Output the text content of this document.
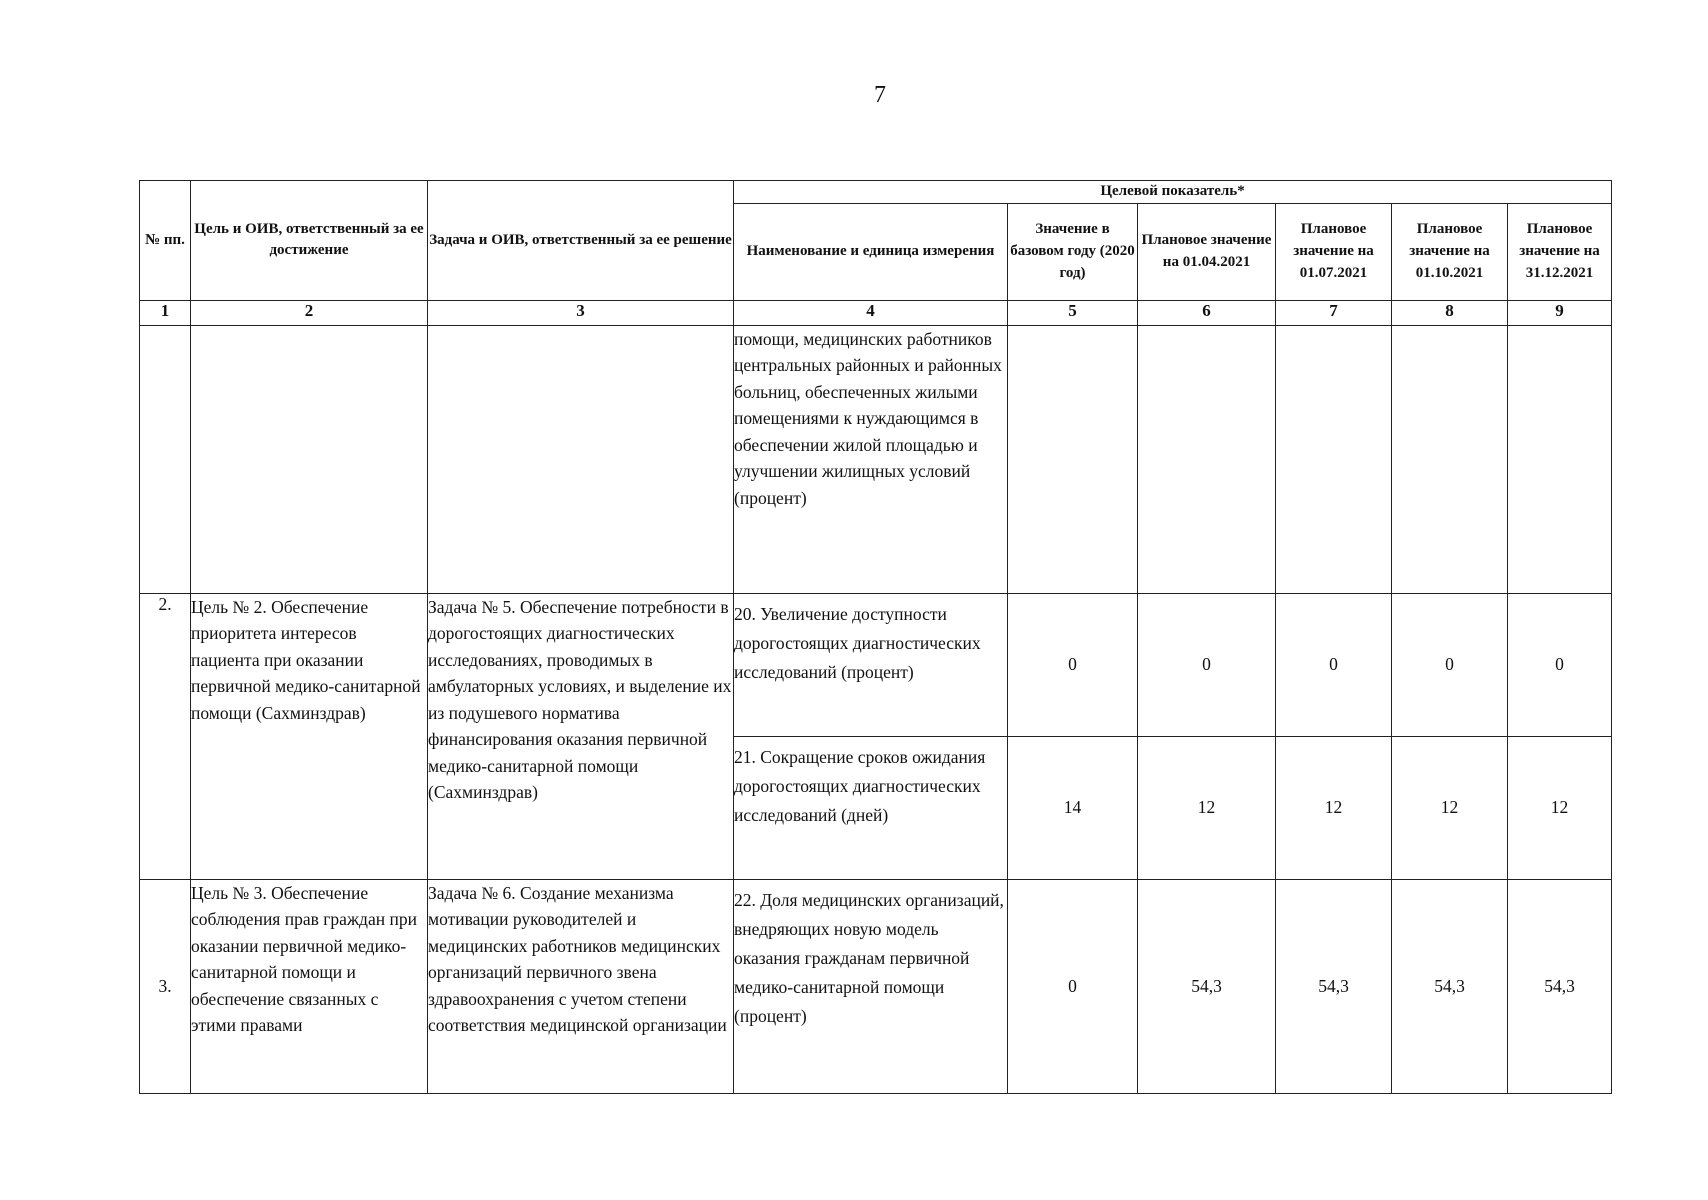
7
№ пп.	Цель и ОИВ, ответственный за ее достижение	Задача и ОИВ, ответственный за ее решение	Целевой показатель*					
			Наименование и единица измерения	Значение в базовом году (2020 год)	Плановое значение на 01.04.2021	Плановое значение на 01.07.2021	Плановое значение на 01.10.2021	Плановое значение на 31.12.2021
1	2	3	4	5	6	7	8	9
			помощи, медицинских работников центральных районных и районных больниц, обеспеченных жилыми помещениями к нуждающимся в обеспечении жилой площадью и улучшении жилищных условий (процент)					
2.	Цель № 2. Обеспечение приоритета интересов пациента при оказании первичной медико-санитарной помощи (Сахминздрав)	Задача № 5. Обеспечение потребности в дорогостоящих диагностических исследованиях, проводимых в амбулаторных условиях, и выделение их из подушевого норматива финансирования оказания первичной медико-санитарной помощи (Сахминздрав)	20. Увеличение доступности дорогостоящих диагностических исследований (процент)	0	0	0	0	0
			21. Сокращение сроков ожидания дорогостоящих диагностических исследований (дней)	14	12	12	12	12
3.	Цель № 3. Обеспечение соблюдения прав граждан при оказании первичной медико-санитарной помощи и обеспечение связанных с этими правами	Задача № 6. Создание механизма мотивации руководителей и медицинских работников медицинских организаций первичного звена здравоохранения с учетом степени соответствия медицинской организации	22. Доля медицинских организаций, внедряющих новую модель оказания гражданам первичной медико-санитарной помощи (процент)	0	54,3	54,3	54,3	54,3
